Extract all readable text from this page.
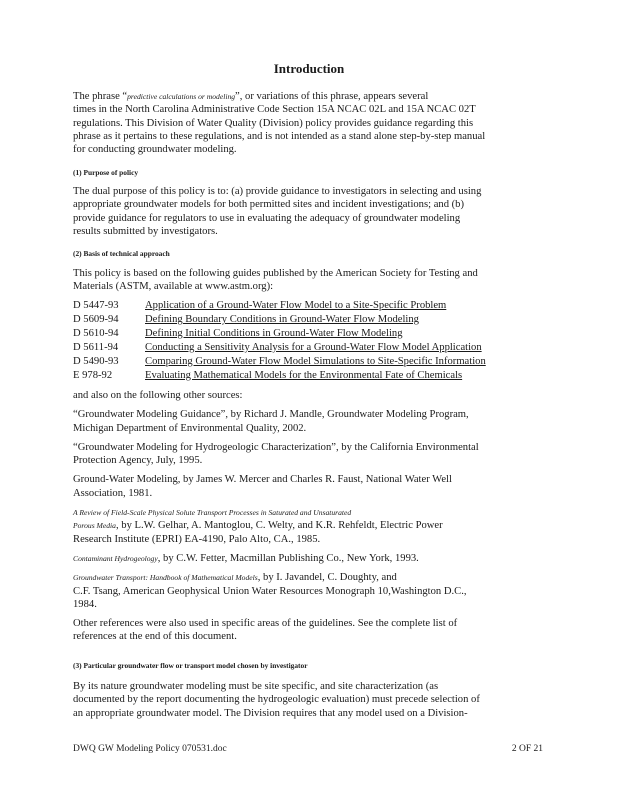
Introduction
The phrase “predictive calculations or modeling”, or variations of this phrase, appears several
times in the North Carolina Administrative Code Section 15A NCAC 02L and 15A NCAC 02T
regulations. This Division of Water Quality (Division) policy provides guidance regarding this
phrase as it pertains to these regulations, and is not intended as a stand alone step-by-step manual
for conducting groundwater modeling.
(1) Purpose of policy
The dual purpose of this policy is to: (a) provide guidance to investigators in selecting and using
appropriate groundwater models for both permitted sites and incident investigations; and (b)
provide guidance for regulators to use in evaluating the adequacy of groundwater modeling
results submitted by investigators.
(2) Basis of technical approach
This policy is based on the following guides published by the American Society for Testing and
Materials (ASTM, available at www.astm.org):
D 5447-93	Application of a Ground-Water Flow Model to a Site-Specific Problem
D 5609-94	Defining Boundary Conditions in Ground-Water Flow Modeling
D 5610-94	Defining Initial Conditions in Ground-Water Flow Modeling
D 5611-94	Conducting a Sensitivity Analysis for a Ground-Water Flow Model Application
D 5490-93	Comparing Ground-Water Flow Model Simulations to Site-Specific Information
E 978-92	Evaluating Mathematical Models for the Environmental Fate of Chemicals
and also on the following other sources:
“Groundwater Modeling Guidance”, by Richard J. Mandle, Groundwater Modeling Program,
Michigan Department of Environmental Quality, 2002.
“Groundwater Modeling for Hydrogeologic Characterization”, by the California Environmental
Protection Agency, July, 1995.
Ground-Water Modeling, by James W. Mercer and Charles R. Faust, National Water Well
Association, 1981.
A Review of Field-Scale Physical Solute Transport Processes in Saturated and Unsaturated
Porous Media, by L.W. Gelhar, A. Mantoglou, C. Welty, and K.R. Rehfeldt, Electric Power
Research Institute (EPRI) EA-4190, Palo Alto, CA., 1985.
Contaminant Hydrogeology, by C.W. Fetter, Macmillan Publishing Co., New York, 1993.
Groundwater Transport: Handbook of Mathematical Models, by I. Javandel, C. Doughty, and
C.F. Tsang, American Geophysical Union Water Resources Monograph 10,Washington D.C.,
1984.
Other references were also used in specific areas of the guidelines. See the complete list of
references at the end of this document.
(3) Particular groundwater flow or transport model chosen by investigator
By its nature groundwater modeling must be site specific, and site characterization (as
documented by the report documenting the hydrogeologic evaluation) must precede selection of
an appropriate groundwater model. The Division requires that any model used on a Division-
DWQ GW Modeling Policy 070531.doc	2 OF 21
